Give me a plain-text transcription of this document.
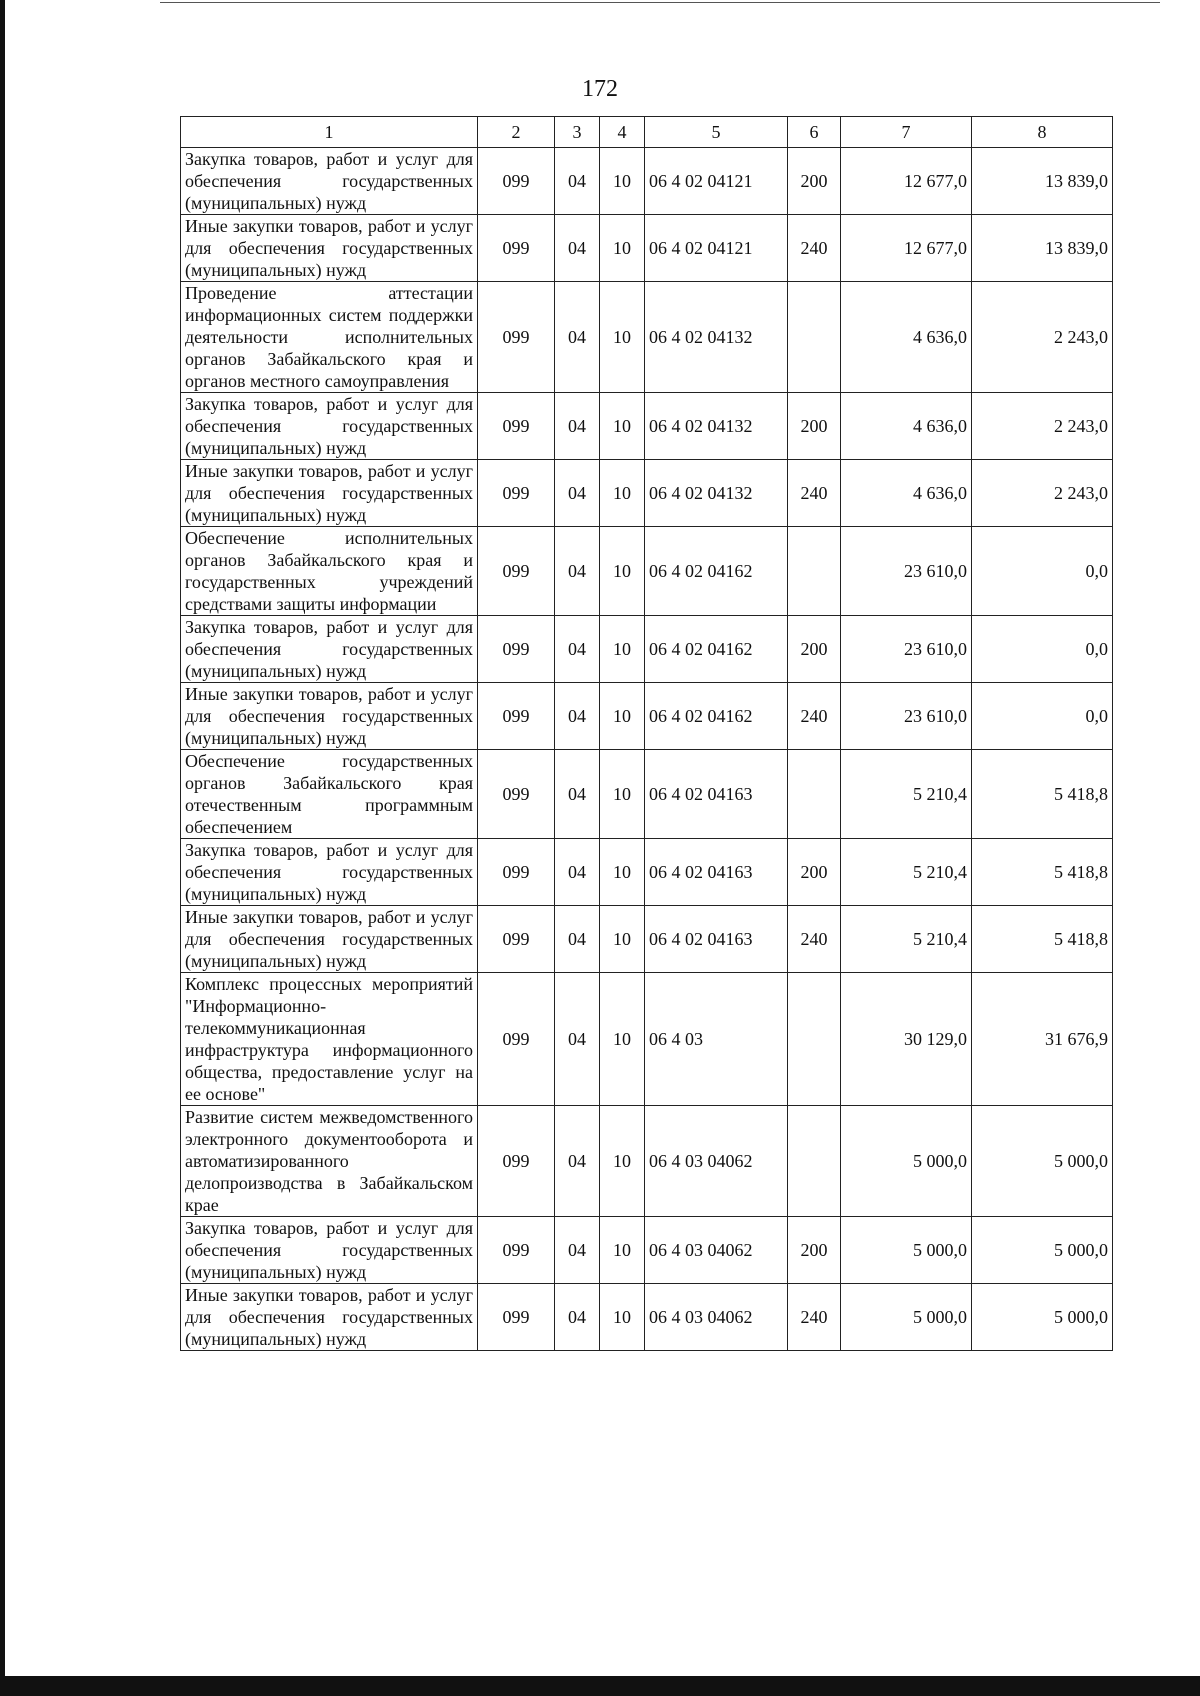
172
1	2	3	4	5	6	7	8
Закупка товаров, работ и услуг для обеспечения государственных (муниципальных) нужд	099	04	10	06 4 02 04121	200	12 677,0	13 839,0
Иные закупки товаров, работ и услуг для обеспечения государственных (муниципальных) нужд	099	04	10	06 4 02 04121	240	12 677,0	13 839,0
Проведение аттестации информационных систем поддержки деятельности исполнительных органов Забайкальского края и органов местного самоуправления	099	04	10	06 4 02 04132		4 636,0	2 243,0
Закупка товаров, работ и услуг для обеспечения государственных (муниципальных) нужд	099	04	10	06 4 02 04132	200	4 636,0	2 243,0
Иные закупки товаров, работ и услуг для обеспечения государственных (муниципальных) нужд	099	04	10	06 4 02 04132	240	4 636,0	2 243,0
Обеспечение исполнительных органов Забайкальского края и государственных учреждений средствами защиты информации	099	04	10	06 4 02 04162		23 610,0	0,0
Закупка товаров, работ и услуг для обеспечения государственных (муниципальных) нужд	099	04	10	06 4 02 04162	200	23 610,0	0,0
Иные закупки товаров, работ и услуг для обеспечения государственных (муниципальных) нужд	099	04	10	06 4 02 04162	240	23 610,0	0,0
Обеспечение государственных органов Забайкальского края отечественным программным обеспечением	099	04	10	06 4 02 04163		5 210,4	5 418,8
Закупка товаров, работ и услуг для обеспечения государственных (муниципальных) нужд	099	04	10	06 4 02 04163	200	5 210,4	5 418,8
Иные закупки товаров, работ и услуг для обеспечения государственных (муниципальных) нужд	099	04	10	06 4 02 04163	240	5 210,4	5 418,8
Комплекс процессных мероприятий "Информационно-телекоммуникационная инфраструктура информационного общества, предоставление услуг на ее основе"	099	04	10	06 4 03		30 129,0	31 676,9
Развитие систем межведомственного электронного документооборота и автоматизированного делопроизводства в Забайкальском крае	099	04	10	06 4 03 04062		5 000,0	5 000,0
Закупка товаров, работ и услуг для обеспечения государственных (муниципальных) нужд	099	04	10	06 4 03 04062	200	5 000,0	5 000,0
Иные закупки товаров, работ и услуг для обеспечения государственных (муниципальных) нужд	099	04	10	06 4 03 04062	240	5 000,0	5 000,0
